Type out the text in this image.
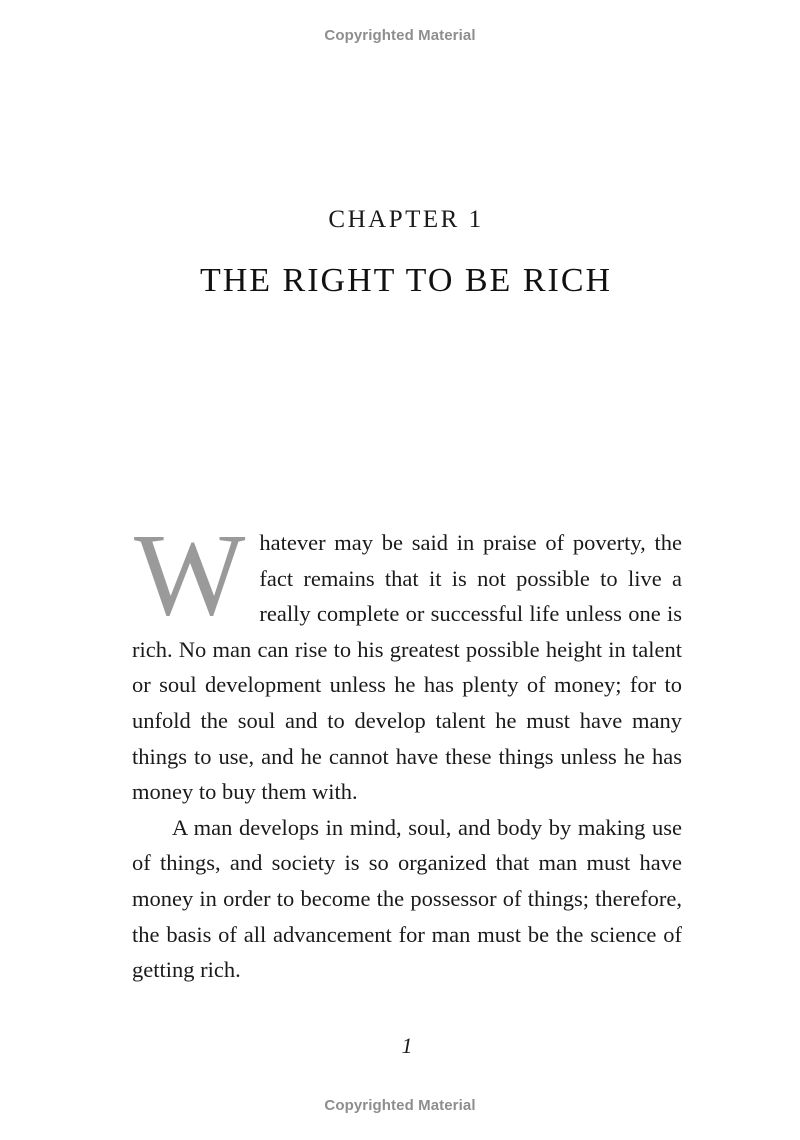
Copyrighted Material
CHAPTER 1
THE RIGHT TO BE RICH

Whatever may be said in praise of poverty, the fact remains that it is not possible to live a really complete or successful life unless one is rich. No man can rise to his greatest possible height in talent or soul development unless he has plenty of money; for to unfold the soul and to develop talent he must have many things to use, and he cannot have these things unless he has money to buy them with.

A man develops in mind, soul, and body by making use of things, and society is so organized that man must have money in order to become the possessor of things; therefore, the basis of all advancement for man must be the science of getting rich.

1
Copyrighted Material
